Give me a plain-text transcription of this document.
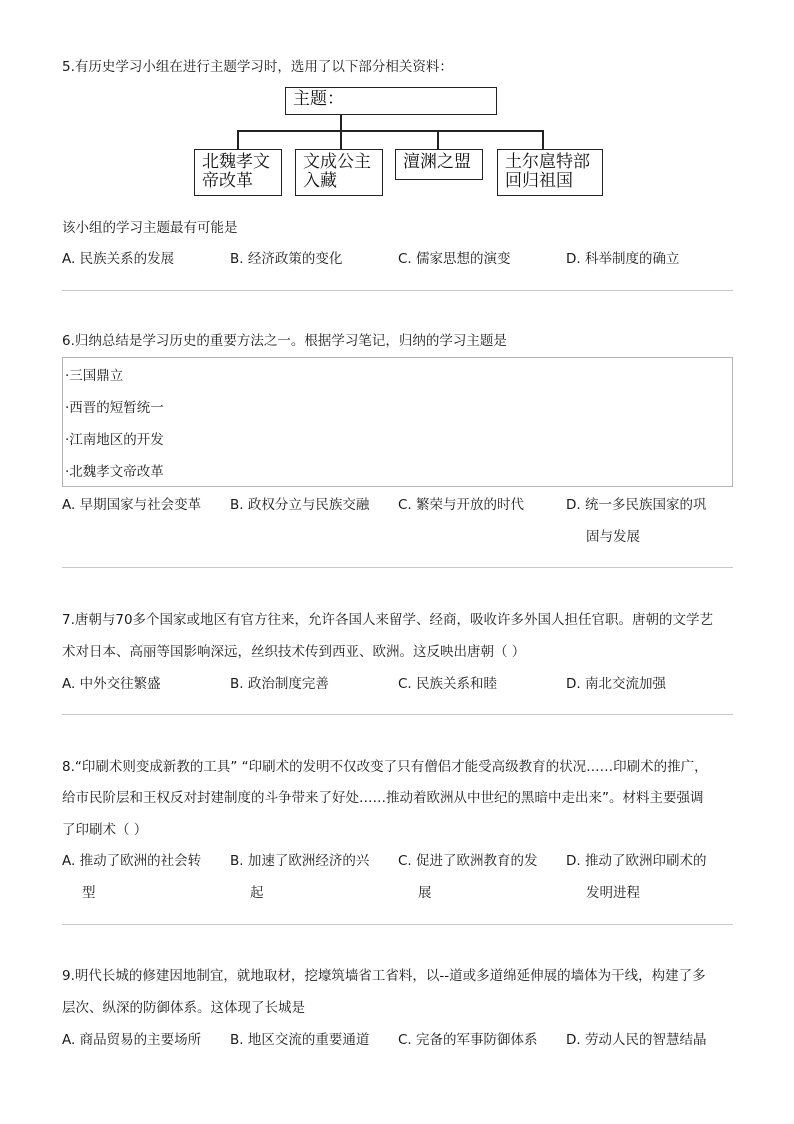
5.有历史学习小组在进行主题学习时，选用了以下部分相关资料：
主题：
北魏孝文
帝改革
文成公主
入藏
澶渊之盟 土尔扈特部
回归祖国
该小组的学习主题最有可能是
A. 民族关系的发展	B. 经济政策的变化	C. 儒家思想的演变	D. 科举制度的确立
6.归纳总结是学习历史的重要方法之一。根据学习笔记，归纳的学习主题是
·三国鼎立
·西晋的短暂统一
·江南地区的开发
·北魏孝文帝改革
A. 早期国家与社会变革 B. 政权分立与民族交融 C. 繁荣与开放的时代	D. 统一多民族国家的巩
固与发展
7.唐朝与70多个国家或地区有官方往来，允许各国人来留学、经商，吸收许多外国人担任官职。唐朝的文学艺
术对日本、高丽等国影响深远，丝织技术传到西亚、欧洲。这反映出唐朝（ ）
A. 中外交往繁盛	B. 政治制度完善	C. 民族关系和睦	D. 南北交流加强
8.“印刷术则变成新教的工具” “印刷术的发明不仅改变了只有僧侣才能受高级教育的状况……印刷术的推广，
给市民阶层和王权反对封建制度的斗争带来了好处……推动着欧洲从中世纪的黑暗中走出来”。材料主要强调
了印刷术（ ）
A. 推动了欧洲的社会转 B. 加速了欧洲经济的兴 C. 促进了欧洲教育的发 D. 推动了欧洲印刷术的
型	起	展	发明进程
9.明代长城的修建因地制宜，就地取材，挖壕筑墙省工省料，以--道或多道绵延伸展的墙体为干线，构建了多
层次、纵深的防御体系。这体现了长城是
A. 商品贸易的主要场所 B. 地区交流的重要通道 C. 完备的军事防御体系 D. 劳动人民的智慧结晶
